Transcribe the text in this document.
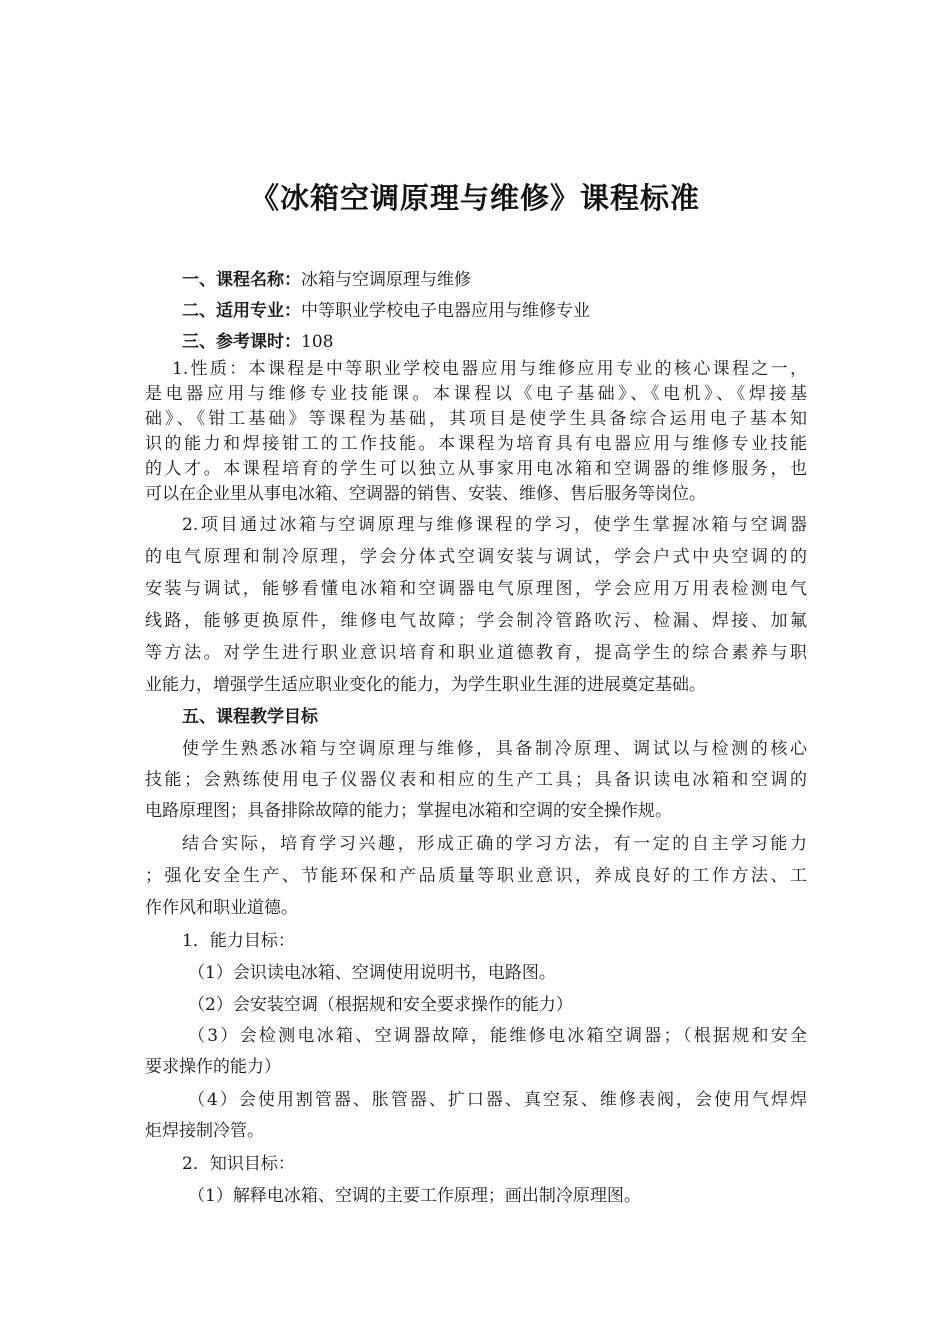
《冰箱空调原理与维修》课程标准
一、课程名称：冰箱与空调原理与维修
二、适用专业：中等职业学校电子电器应用与维修专业
三、参考课时：108
1.性质：本课程是中等职业学校电器应用与维修应用专业的核心课程之一，
是电器应用与维修专业技能课。本课程以《电子基础》、《电机》、《焊接基
础》、《钳工基础》等课程为基础，其项目是使学生具备综合运用电子基本知
识的能力和焊接钳工的工作技能。本课程为培育具有电器应用与维修专业技能
的人才。本课程培育的学生可以独立从事家用电冰箱和空调器的维修服务，也
可以在企业里从事电冰箱、空调器的销售、安装、维修、售后服务等岗位。
2.项目通过冰箱与空调原理与维修课程的学习，使学生掌握冰箱与空调器
的电气原理和制冷原理，学会分体式空调安装与调试，学会户式中央空调的的
安装与调试，能够看懂电冰箱和空调器电气原理图，学会应用万用表检测电气
线路，能够更换原件，维修电气故障；学会制冷管路吹污、检漏、焊接、加氟
等方法。对学生进行职业意识培育和职业道德教育，提高学生的综合素养与职
业能力，增强学生适应职业变化的能力，为学生职业生涯的进展奠定基础。
五、课程教学目标
使学生熟悉冰箱与空调原理与维修，具备制冷原理、调试以与检测的核心
技能；会熟练使用电子仪器仪表和相应的生产工具；具备识读电冰箱和空调的
电路原理图；具备排除故障的能力；掌握电冰箱和空调的安全操作规。
结合实际，培育学习兴趣，形成正确的学习方法，有一定的自主学习能力
；强化安全生产、节能环保和产品质量等职业意识，养成良好的工作方法、工
作作风和职业道德。
1．能力目标：
（1）会识读电冰箱、空调使用说明书，电路图。
（2）会安装空调（根据规和安全要求操作的能力）
（3）会检测电冰箱、空调器故障，能维修电冰箱空调器；（根据规和安全
要求操作的能力）
（4）会使用割管器、胀管器、扩口器、真空泵、维修表阀，会使用气焊焊
炬焊接制冷管。
2．知识目标：
（1）解释电冰箱、空调的主要工作原理；画出制冷原理图。
